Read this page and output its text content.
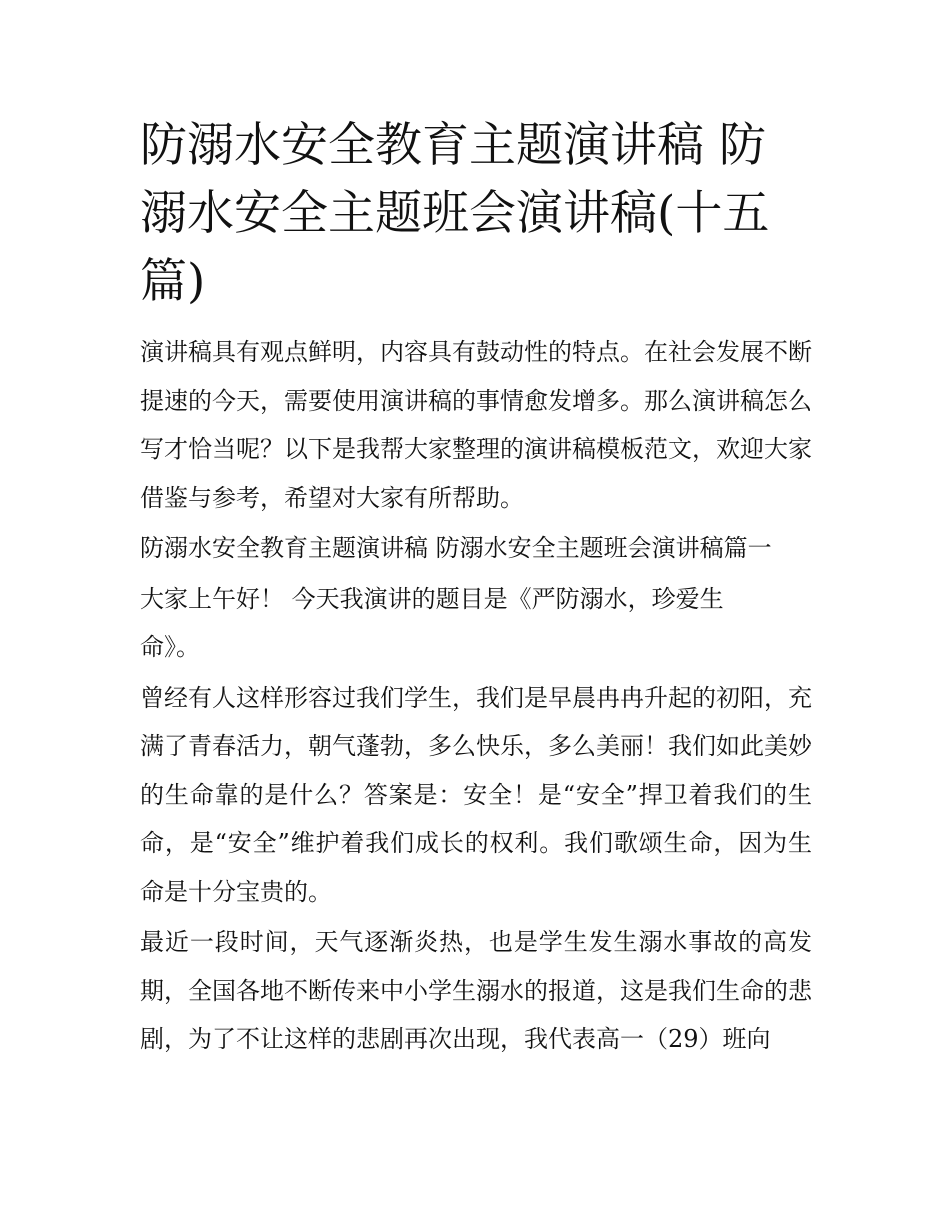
防溺水安全教育主题演讲稿 防溺水安全主题班会演讲稿(十五篇)

演讲稿具有观点鲜明，内容具有鼓动性的特点。在社会发展不断提速的今天，需要使用演讲稿的事情愈发增多。那么演讲稿怎么写才恰当呢？以下是我帮大家整理的演讲稿模板范文，欢迎大家借鉴与参考，希望对大家有所帮助。

防溺水安全教育主题演讲稿 防溺水安全主题班会演讲稿篇一

大家上午好！ 今天我演讲的题目是《严防溺水，珍爱生命》。

曾经有人这样形容过我们学生，我们是早晨冉冉升起的初阳，充满了青春活力，朝气蓬勃，多么快乐，多么美丽！我们如此美妙的生命靠的是什么？答案是：安全！是“安全”捍卫着我们的生命，是“安全”维护着我们成长的权利。我们歌颂生命，因为生命是十分宝贵的。

最近一段时间，天气逐渐炎热，也是学生发生溺水事故的高发期，全国各地不断传来中小学生溺水的报道，这是我们生命的悲剧，为了不让这样的悲剧再次出现，我代表高一（29）班向
